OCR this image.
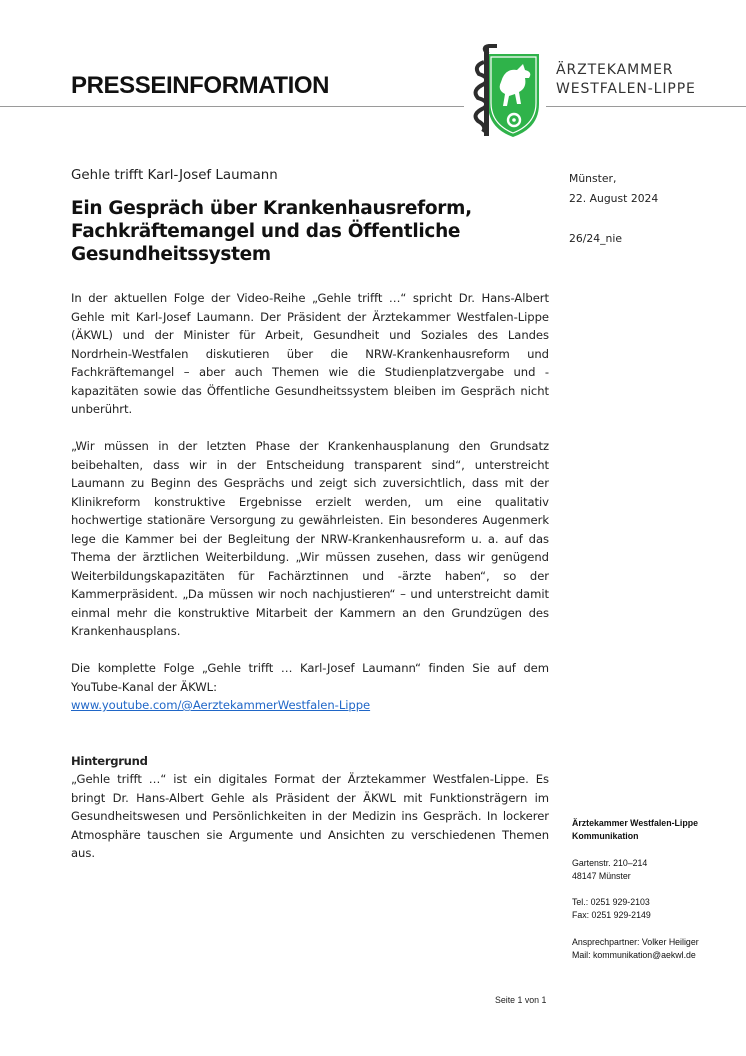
PRESSEINFORMATION
ÄRZTEKAMMER
WESTFALEN-LIPPE
Gehle trifft Karl-Josef Laumann
Ein Gespräch über Krankenhausreform, Fachkräftemangel und das Öffentliche Gesundheitssystem
Münster,
22. August 2024
26/24_nie

In der aktuellen Folge der Video-Reihe „Gehle trifft …“ spricht Dr. Hans-Albert Gehle mit Karl-Josef Laumann. Der Präsident der Ärztekammer Westfalen-Lippe (ÄKWL) und der Minister für Arbeit, Gesundheit und Soziales des Landes Nordrhein-Westfalen diskutieren über die NRW-Krankenhausreform und Fachkräftemangel – aber auch Themen wie die Studienplatzvergabe und -kapazitäten sowie das Öffentliche Gesundheitssystem bleiben im Gespräch nicht unberührt.

„Wir müssen in der letzten Phase der Krankenhausplanung den Grundsatz beibehalten, dass wir in der Entscheidung transparent sind“, unterstreicht Laumann zu Beginn des Gesprächs und zeigt sich zuversichtlich, dass mit der Klinikreform konstruktive Ergebnisse erzielt werden, um eine qualitativ hochwertige stationäre Versorgung zu gewährleisten. Ein besonderes Augenmerk lege die Kammer bei der Begleitung der NRW-Krankenhausreform u. a. auf das Thema der ärztlichen Weiterbildung. „Wir müssen zusehen, dass wir genügend Weiterbildungskapazitäten für Fachärztinnen und -ärzte haben“, so der Kammerpräsident. „Da müssen wir noch nachjustieren“ – und unterstreicht damit einmal mehr die konstruktive Mitarbeit der Kammern an den Grundzügen des Krankenhausplans.

Die komplette Folge „Gehle trifft … Karl-Josef Laumann“ finden Sie auf dem YouTube-Kanal der ÄKWL:
www.youtube.com/@AerztekammerWestfalen-Lippe

Hintergrund

„Gehle trifft …“ ist ein digitales Format der Ärztekammer Westfalen-Lippe. Es bringt Dr. Hans-Albert Gehle als Präsident der ÄKWL mit Funktionsträgern im Gesundheitswesen und Persönlichkeiten in der Medizin ins Gespräch. In lockerer Atmosphäre tauschen sie Argumente und Ansichten zu verschiedenen Themen aus.

Ärztekammer Westfalen-Lippe
Kommunikation
Gartenstr. 210–214
48147 Münster
Tel.: 0251 929-2103
Fax: 0251 929-2149
Ansprechpartner: Volker Heiliger
Mail: kommunikation@aekwl.de
Seite 1 von 1
